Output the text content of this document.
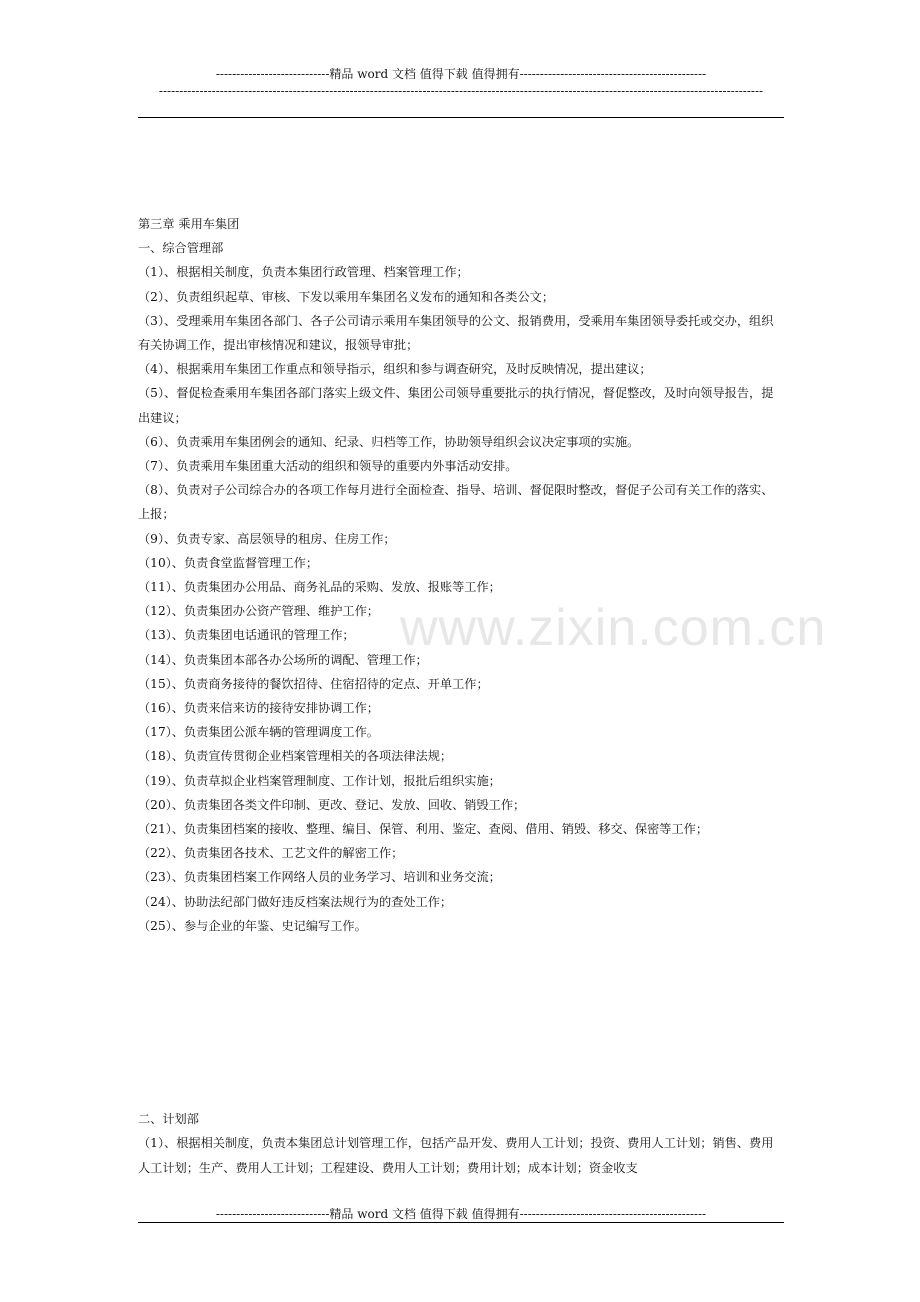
----------------------------精品 word 文档 值得下载 值得拥有----------------------------------------------
-----------------------------------------------------------------------------------------------------------------------------------------------------
www.zixin.com.cn

第三章 乘用车集团

一、综合管理部

（1）、根据相关制度，负责本集团行政管理、档案管理工作；

（2）、负责组织起草、审核、下发以乘用车集团名义发布的通知和各类公文；

（3）、受理乘用车集团各部门、各子公司请示乘用车集团领导的公文、报销费用，受乘用车集团领导委托或交办，组织有关协调工作，提出审核情况和建议，报领导审批；

（4）、根据乘用车集团工作重点和领导指示，组织和参与调查研究，及时反映情况，提出建议；

（5）、督促检查乘用车集团各部门落实上级文件、集团公司领导重要批示的执行情况，督促整改，及时向领导报告，提出建议；

（6）、负责乘用车集团例会的通知、纪录、归档等工作，协助领导组织会议决定事项的实施。

（7）、负责乘用车集团重大活动的组织和领导的重要内外事活动安排。

（8）、负责对子公司综合办的各项工作每月进行全面检查、指导、培训、督促限时整改，督促子公司有关工作的落实、上报；

（9）、负责专家、高层领导的租房、住房工作；

（10）、负责食堂监督管理工作；

（11）、负责集团办公用品、商务礼品的采购、发放、报账等工作；

（12）、负责集团办公资产管理、维护工作；

（13）、负责集团电话通讯的管理工作；

（14）、负责集团本部各办公场所的调配、管理工作；

（15）、负责商务接待的餐饮招待、住宿招待的定点、开单工作；

（16）、负责来信来访的接待安排协调工作；

（17）、负责集团公派车辆的管理调度工作。

（18）、负责宣传贯彻企业档案管理相关的各项法律法规；

（19）、负责草拟企业档案管理制度、工作计划，报批后组织实施；

（20）、负责集团各类文件印制、更改、登记、发放、回收、销毁工作；

（21）、负责集团档案的接收、整理、编目、保管、利用、鉴定、查阅、借用、销毁、移交、保密等工作；

（22）、负责集团各技术、工艺文件的解密工作；

（23）、负责集团档案工作网络人员的业务学习、培训和业务交流；

（24）、协助法纪部门做好违反档案法规行为的查处工作；

（25）、参与企业的年鉴、史记编写工作。

二、计划部

（1）、根据相关制度，负责本集团总计划管理工作，包括产品开发、费用人工计划；投资、费用人工计划；销售、费用人工计划；生产、费用人工计划；工程建设、费用人工计划；费用计划；成本计划；资金收支

----------------------------精品 word 文档 值得下载 值得拥有----------------------------------------------
